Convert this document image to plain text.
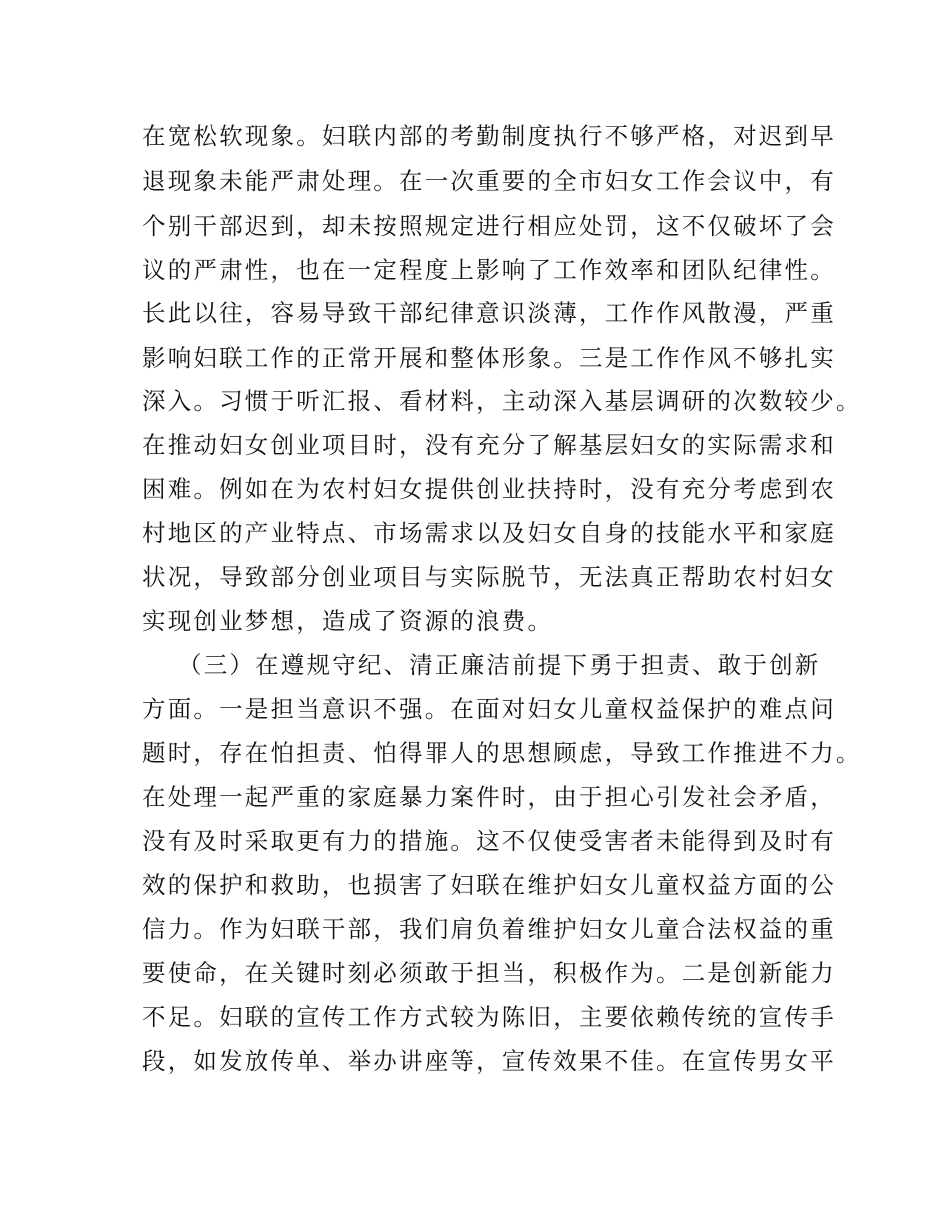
在宽松软现象。妇联内部的考勤制度执行不够严格，对迟到早
退现象未能严肃处理。在一次重要的全市妇女工作会议中，有
个别干部迟到，却未按照规定进行相应处罚，这不仅破坏了会
议的严肃性，也在一定程度上影响了工作效率和团队纪律性。
长此以往，容易导致干部纪律意识淡薄，工作作风散漫，严重
影响妇联工作的正常开展和整体形象。三是工作作风不够扎实
深入。习惯于听汇报、看材料，主动深入基层调研的次数较少。
在推动妇女创业项目时，没有充分了解基层妇女的实际需求和
困难。例如在为农村妇女提供创业扶持时，没有充分考虑到农
村地区的产业特点、市场需求以及妇女自身的技能水平和家庭
状况，导致部分创业项目与实际脱节，无法真正帮助农村妇女
实现创业梦想，造成了资源的浪费。
（三）在遵规守纪、清正廉洁前提下勇于担责、敢于创新
方面。一是担当意识不强。在面对妇女儿童权益保护的难点问
题时，存在怕担责、怕得罪人的思想顾虑，导致工作推进不力。
在处理一起严重的家庭暴力案件时，由于担心引发社会矛盾，
没有及时采取更有力的措施。这不仅使受害者未能得到及时有
效的保护和救助，也损害了妇联在维护妇女儿童权益方面的公
信力。作为妇联干部，我们肩负着维护妇女儿童合法权益的重
要使命，在关键时刻必须敢于担当，积极作为。二是创新能力
不足。妇联的宣传工作方式较为陈旧，主要依赖传统的宣传手
段，如发放传单、举办讲座等，宣传效果不佳。在宣传男女平
